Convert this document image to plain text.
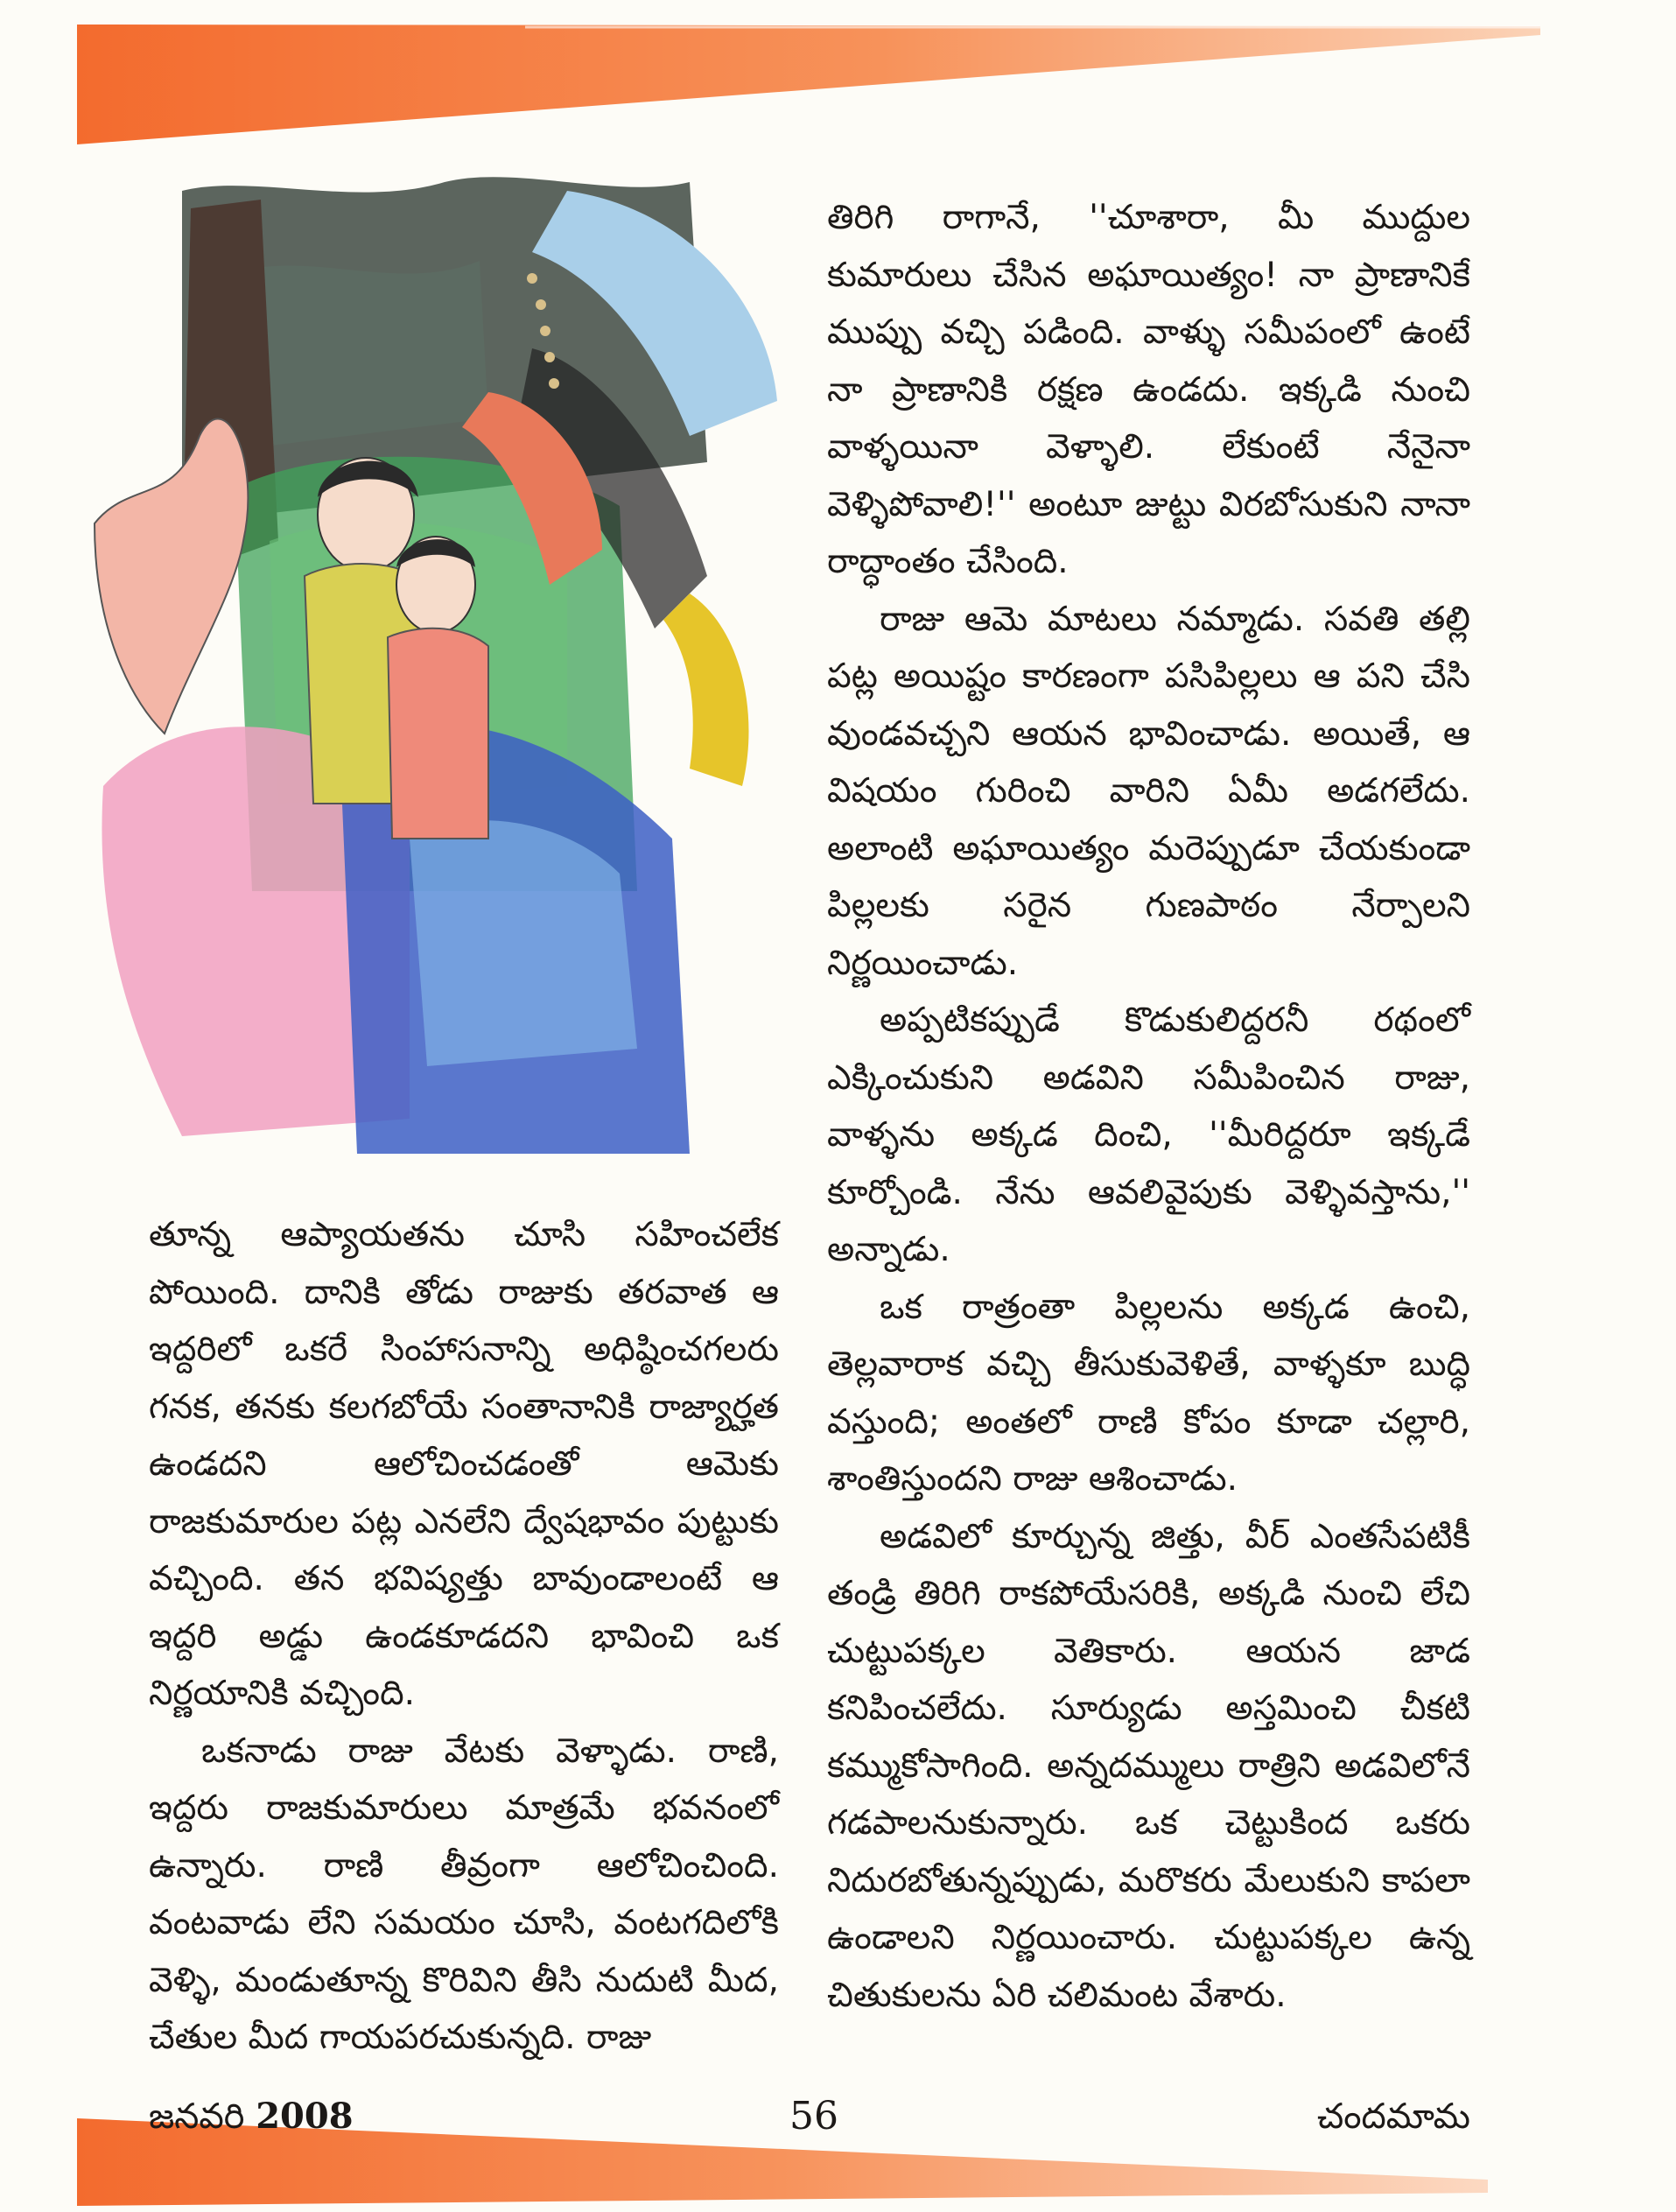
తూన్న ఆప్యాయతను చూసి సహించలేక పోయింది. దానికి తోడు రాజుకు తరవాత ఆ ఇద్దరిలో ఒకరే సింహాసనాన్ని అధిష్ఠించగలరు గనక, తనకు కలగబోయే సంతానానికి రాజ్యార్హత ఉండదని ఆలోచించడంతో ఆమెకు రాజకుమారుల పట్ల ఎనలేని ద్వేషభావం పుట్టుకు వచ్చింది. తన భవిష్యత్తు బావుండాలంటే ఆ ఇద్దరి అడ్డు ఉండకూడదని భావించి ఒక నిర్ణయానికి వచ్చింది.

ఒకనాడు రాజు వేటకు వెళ్ళాడు. రాణి, ఇద్దరు రాజకుమారులు మాత్రమే భవనంలో ఉన్నారు. రాణి తీవ్రంగా ఆలోచించింది. వంటవాడు లేని సమయం చూసి, వంటగదిలోకి వెళ్ళి, మండుతూన్న కొరివిని తీసి నుదుటి మీద, చేతుల మీద గాయపరచుకున్నది. రాజు

తిరిగి రాగానే, ''చూశారా, మీ ముద్దుల కుమారులు చేసిన అఘాయిత్యం! నా ప్రాణానికే ముప్పు వచ్చి పడింది. వాళ్ళు సమీపంలో ఉంటే నా ప్రాణానికి రక్షణ ఉండదు. ఇక్కడి నుంచి వాళ్ళయినా వెళ్ళాలి. లేకుంటే నేనైనా వెళ్ళిపోవాలి!'' అంటూ జుట్టు విరబోసుకుని నానా రాద్ధాంతం చేసింది.

రాజు ఆమె మాటలు నమ్మాడు. సవతి తల్లి పట్ల అయిష్టం కారణంగా పసిపిల్లలు ఆ పని చేసి వుండవచ్చని ఆయన భావించాడు. అయితే, ఆ విషయం గురించి వారిని ఏమీ అడగలేదు. అలాంటి అఘాయిత్యం మరెప్పుడూ చేయకుండా పిల్లలకు సరైన గుణపాఠం నేర్పాలని నిర్ణయించాడు.

అప్పటికప్పుడే కొడుకులిద్దరనీ రథంలో ఎక్కించుకుని అడవిని సమీపించిన రాజు, వాళ్ళను అక్కడ దించి, ''మీరిద్దరూ ఇక్కడే కూర్చోండి. నేను ఆవలివైపుకు వెళ్ళివస్తాను,'' అన్నాడు.

ఒక రాత్రంతా పిల్లలను అక్కడ ఉంచి, తెల్లవారాక వచ్చి తీసుకువెళితే, వాళ్ళకూ బుద్ధి వస్తుంది; అంతలో రాణి కోపం కూడా చల్లారి, శాంతిస్తుందని రాజు ఆశించాడు.

అడవిలో కూర్చున్న జిత్తు, వీర్ ఎంతసేపటికీ తండ్రి తిరిగి రాకపోయేసరికి, అక్కడి నుంచి లేచి చుట్టుపక్కల వెతికారు. ఆయన జాడ కనిపించలేదు. సూర్యుడు అస్తమించి చీకటి కమ్ముకోసాగింది. అన్నదమ్ములు రాత్రిని అడవిలోనే గడపాలనుకున్నారు. ఒక చెట్టుకింద ఒకరు నిదురబోతున్నప్పుడు, మరొకరు మేలుకుని కాపలా ఉండాలని నిర్ణయించారు. చుట్టుపక్కల ఉన్న చితుకులను ఏరి చలిమంట వేశారు.

జనవరి 2008	56	చందమామ
